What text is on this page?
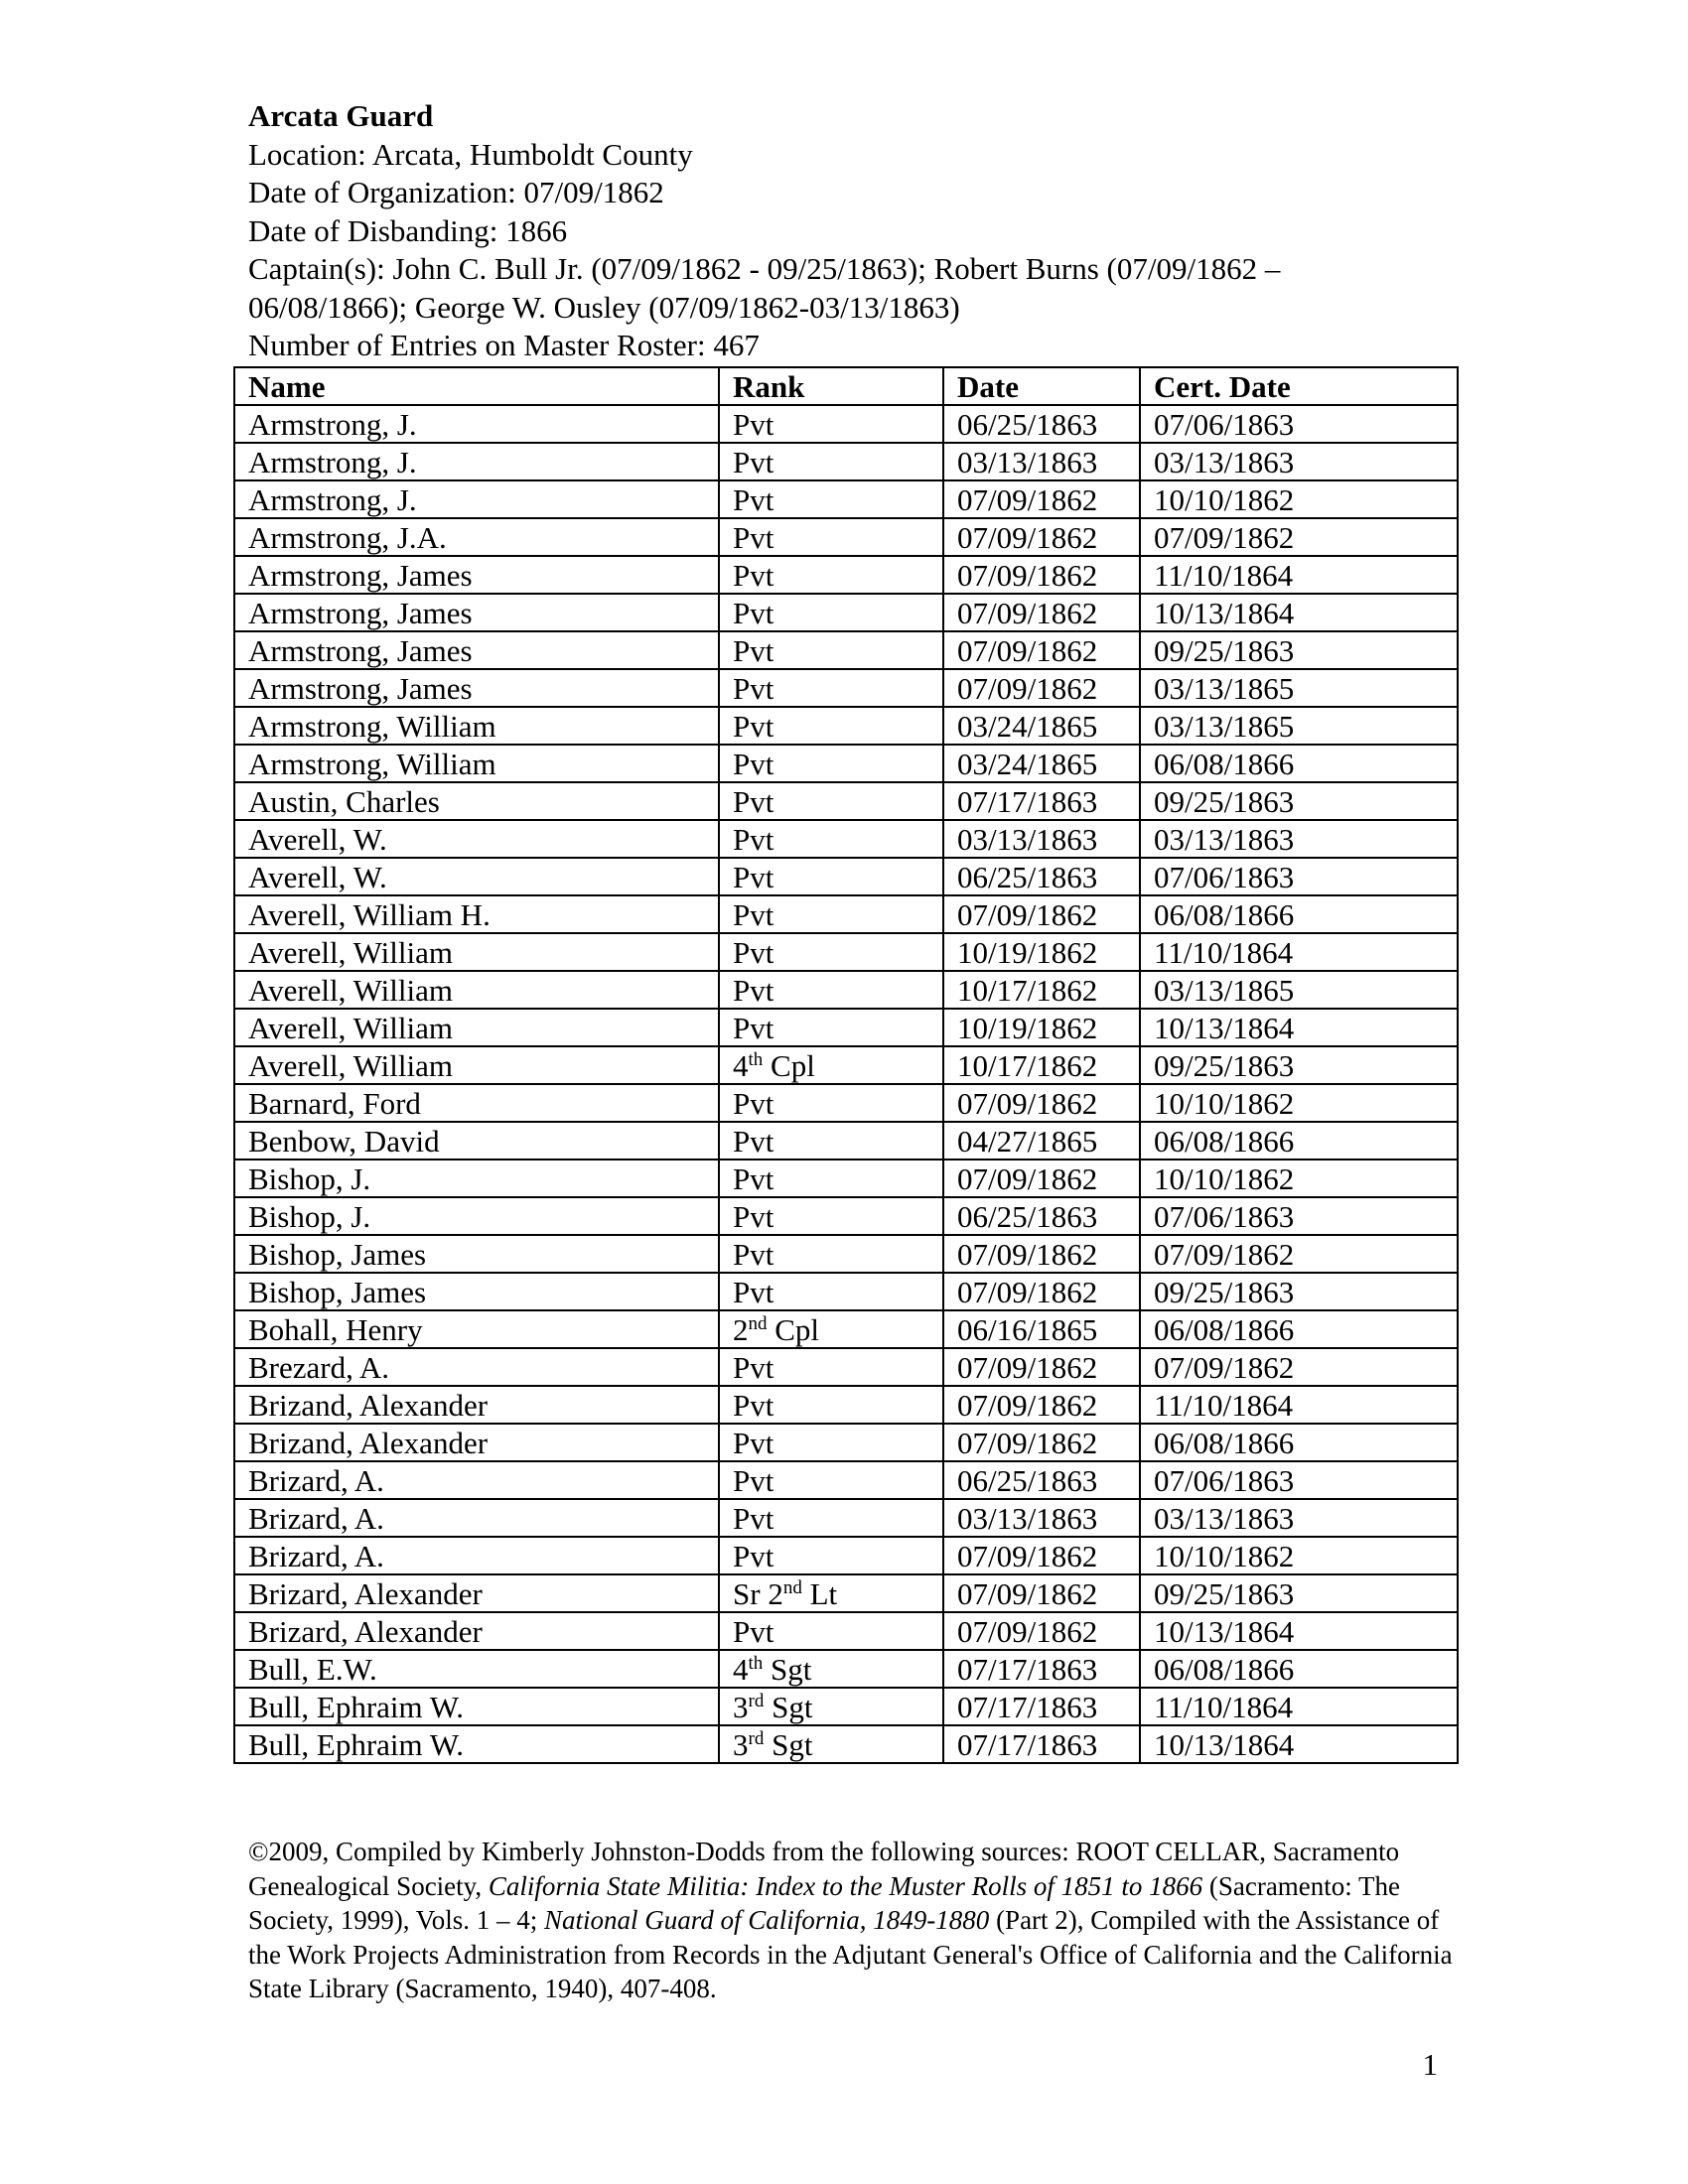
Arcata Guard
Location: Arcata, Humboldt County
Date of Organization: 07/09/1862
Date of Disbanding: 1866
Captain(s): John C. Bull Jr. (07/09/1862 - 09/25/1863); Robert Burns (07/09/1862 –
06/08/1866); George W. Ousley (07/09/1862-03/13/1863)
Number of Entries on Master Roster: 467
Name	Rank	Date	Cert. Date
Armstrong, J.	Pvt	06/25/1863	07/06/1863
Armstrong, J.	Pvt	03/13/1863	03/13/1863
Armstrong, J.	Pvt	07/09/1862	10/10/1862
Armstrong, J.A.	Pvt	07/09/1862	07/09/1862
Armstrong, James	Pvt	07/09/1862	11/10/1864
Armstrong, James	Pvt	07/09/1862	10/13/1864
Armstrong, James	Pvt	07/09/1862	09/25/1863
Armstrong, James	Pvt	07/09/1862	03/13/1865
Armstrong, William	Pvt	03/24/1865	03/13/1865
Armstrong, William	Pvt	03/24/1865	06/08/1866
Austin, Charles	Pvt	07/17/1863	09/25/1863
Averell, W.	Pvt	03/13/1863	03/13/1863
Averell, W.	Pvt	06/25/1863	07/06/1863
Averell, William H.	Pvt	07/09/1862	06/08/1866
Averell, William	Pvt	10/19/1862	11/10/1864
Averell, William	Pvt	10/17/1862	03/13/1865
Averell, William	Pvt	10/19/1862	10/13/1864
Averell, William	4th Cpl	10/17/1862	09/25/1863
Barnard, Ford	Pvt	07/09/1862	10/10/1862
Benbow, David	Pvt	04/27/1865	06/08/1866
Bishop, J.	Pvt	07/09/1862	10/10/1862
Bishop, J.	Pvt	06/25/1863	07/06/1863
Bishop, James	Pvt	07/09/1862	07/09/1862
Bishop, James	Pvt	07/09/1862	09/25/1863
Bohall, Henry	2nd Cpl	06/16/1865	06/08/1866
Brezard, A.	Pvt	07/09/1862	07/09/1862
Brizand, Alexander	Pvt	07/09/1862	11/10/1864
Brizand, Alexander	Pvt	07/09/1862	06/08/1866
Brizard, A.	Pvt	06/25/1863	07/06/1863
Brizard, A.	Pvt	03/13/1863	03/13/1863
Brizard, A.	Pvt	07/09/1862	10/10/1862
Brizard, Alexander	Sr 2nd Lt	07/09/1862	09/25/1863
Brizard, Alexander	Pvt	07/09/1862	10/13/1864
Bull, E.W.	4th Sgt	07/17/1863	06/08/1866
Bull, Ephraim W.	3rd Sgt	07/17/1863	11/10/1864
Bull, Ephraim W.	3rd Sgt	07/17/1863	10/13/1864
©2009, Compiled by Kimberly Johnston-Dodds from the following sources: ROOT CELLAR, Sacramento Genealogical Society, California State Militia: Index to the Muster Rolls of 1851 to 1866 (Sacramento: The Society, 1999), Vols. 1 – 4; National Guard of California, 1849-1880 (Part 2), Compiled with the Assistance of the Work Projects Administration from Records in the Adjutant General's Office of California and the California State Library (Sacramento, 1940), 407-408.
1
